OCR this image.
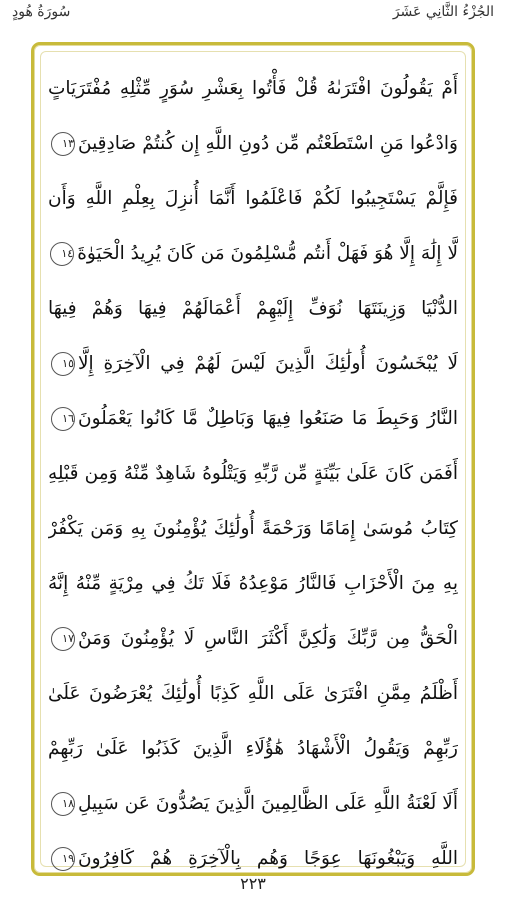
سُورَةُ هُودٍ	الجُزْءُ الثَّانِي عَشَرَ
أَمْ يَقُولُونَ افْتَرَىٰهُ قُلْ فَأْتُوا بِعَشْرِ سُوَرٍ مِّثْلِهِ مُفْتَرَيَاتٍ
وَادْعُوا مَنِ اسْتَطَعْتُم مِّن دُونِ اللَّهِ إِن كُنتُمْ صَادِقِينَ١٣
فَإِلَّمْ يَسْتَجِيبُوا لَكُمْ فَاعْلَمُوا أَنَّمَا أُنزِلَ بِعِلْمِ اللَّهِ وَأَن
لَّا إِلَٰهَ إِلَّا هُوَ فَهَلْ أَنتُم مُّسْلِمُونَ مَن كَانَ يُرِيدُ الْحَيَوٰةَ١٤
الدُّنْيَا وَزِينَتَهَا نُوَفِّ إِلَيْهِمْ أَعْمَالَهُمْ فِيهَا وَهُمْ فِيهَا
لَا يُبْخَسُونَ أُولَٰئِكَ الَّذِينَ لَيْسَ لَهُمْ فِي الْآخِرَةِ إِلَّا١٥
النَّارُ وَحَبِطَ مَا صَنَعُوا فِيهَا وَبَاطِلٌ مَّا كَانُوا يَعْمَلُونَ١٦
أَفَمَن كَانَ عَلَىٰ بَيِّنَةٍ مِّن رَّبِّهِ وَيَتْلُوهُ شَاهِدٌ مِّنْهُ وَمِن قَبْلِهِ
كِتَابُ مُوسَىٰ إِمَامًا وَرَحْمَةً أُولَٰئِكَ يُؤْمِنُونَ بِهِ وَمَن يَكْفُرْ
بِهِ مِنَ الْأَحْزَابِ فَالنَّارُ مَوْعِدُهُ فَلَا تَكُ فِي مِرْيَةٍ مِّنْهُ إِنَّهُ
الْحَقُّ مِن رَّبِّكَ وَلَٰكِنَّ أَكْثَرَ النَّاسِ لَا يُؤْمِنُونَ وَمَنْ١٧
أَظْلَمُ مِمَّنِ افْتَرَىٰ عَلَى اللَّهِ كَذِبًا أُولَٰئِكَ يُعْرَضُونَ عَلَىٰ
رَبِّهِمْ وَيَقُولُ الْأَشْهَادُ هَٰؤُلَاءِ الَّذِينَ كَذَبُوا عَلَىٰ رَبِّهِمْ
أَلَا لَعْنَةُ اللَّهِ عَلَى الظَّالِمِينَ الَّذِينَ يَصُدُّونَ عَن سَبِيلِ١٨
اللَّهِ وَيَبْغُونَهَا عِوَجًا وَهُم بِالْآخِرَةِ هُمْ كَافِرُونَ١٩
٢٢٣
